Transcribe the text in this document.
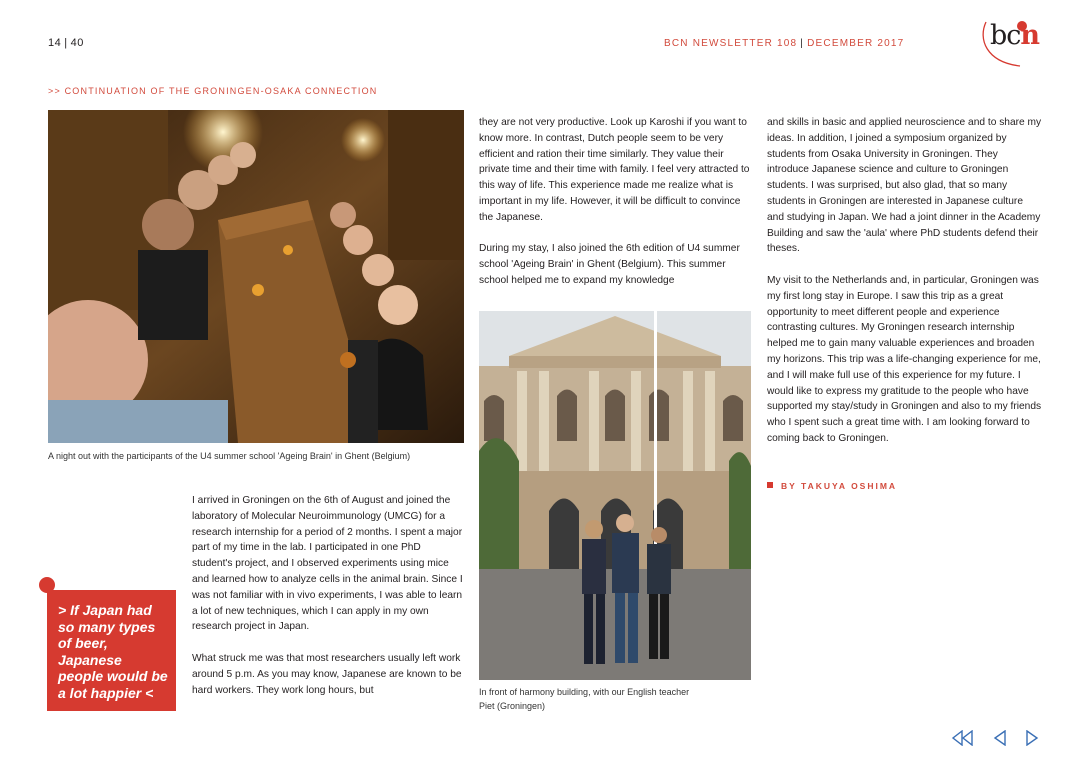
14 | 40	BCN NEWSLETTER 108 | DECEMBER 2017	bcn
>> CONTINUATION OF THE GRONINGEN-OSAKA CONNECTION
A night out with the participants of the U4 summer school 'Ageing Brain' in Ghent (Belgium)
In front of harmony building, with our English teacher
Piet (Groningen)
> If Japan had so many types of beer, Japanese people would be a lot happier <

I arrived in Groningen on the 6th of August and joined the laboratory of Molecular Neuroimmunology (UMCG) for a research internship for a period of 2 months. I spent a major part of my time in the lab. I participated in one PhD student's project, and I observed experiments using mice and learned how to analyze cells in the animal brain. Since I was not familiar with in vivo experiments, I was able to learn a lot of new techniques, which I can apply in my own research project in Japan.

What struck me was that most researchers usually left work around 5 p.m. As you may know, Japanese are known to be hard workers. They work long hours, but

they are not very productive. Look up Karoshi if you want to know more. In contrast, Dutch people seem to be very efficient and ration their time similarly. They value their private time and their time with family. I feel very attracted to this way of life. This experience made me realize what is important in my life. However, it will be difficult to convince the Japanese.

During my stay, I also joined the 6th edition of U4 summer school 'Ageing Brain' in Ghent (Belgium). This summer school helped me to expand my knowledge

and skills in basic and applied neuroscience and to share my ideas. In addition, I joined a symposium organized by students from Osaka University in Groningen. They introduce Japanese science and culture to Groningen students. I was surprised, but also glad, that so many students in Groningen are interested in Japanese culture and studying in Japan. We had a joint dinner in the Academy Building and saw the 'aula' where PhD students defend their theses.

My visit to the Netherlands and, in particular, Groningen was my first long stay in Europe. I saw this trip as a great opportunity to meet different people and experience contrasting cultures. My Groningen research internship helped me to gain many valuable experiences and broaden my horizons. This trip was a life-changing experience for me, and I will make full use of this experience for my future. I would like to express my gratitude to the people who have supported my stay/study in Groningen and also to my friends who I spent such a great time with. I am looking forward to coming back to Groningen.

BY TAKUYA OSHIMA
